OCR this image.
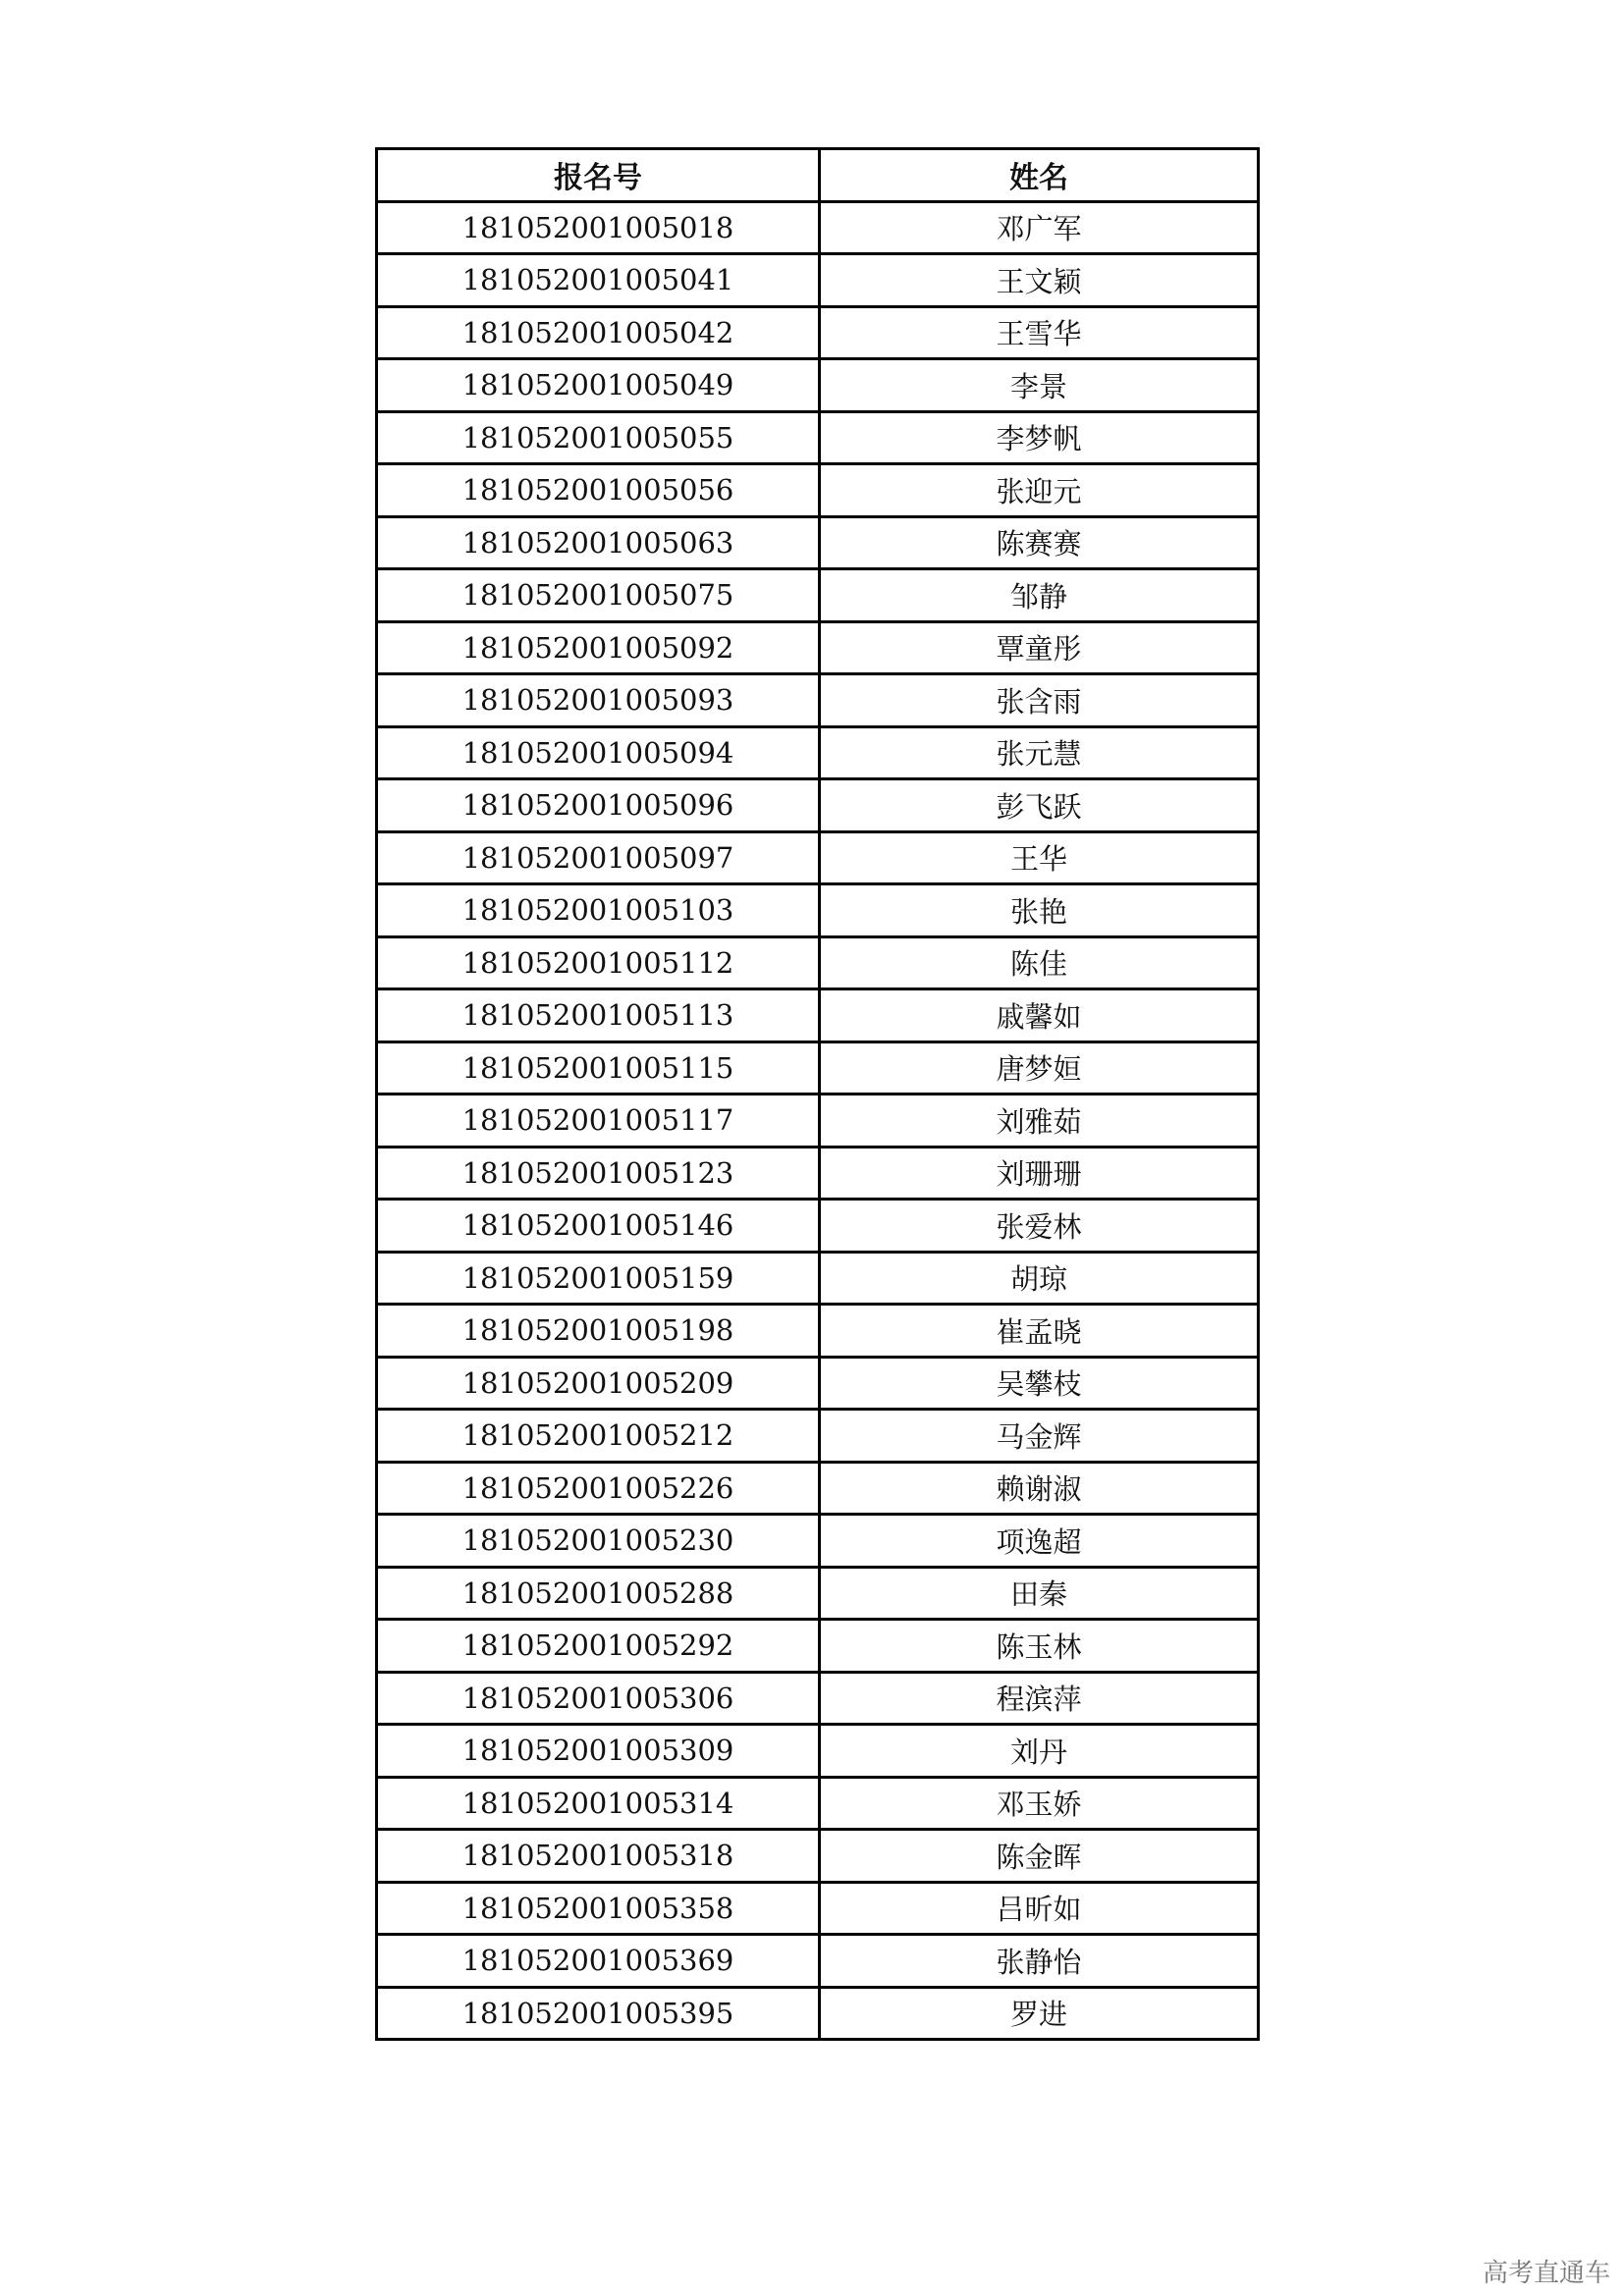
报名号	姓名
181052001005018	邓广军
181052001005041	王文颖
181052001005042	王雪华
181052001005049	李景
181052001005055	李梦帆
181052001005056	张迎元
181052001005063	陈赛赛
181052001005075	邹静
181052001005092	覃童彤
181052001005093	张含雨
181052001005094	张元慧
181052001005096	彭飞跃
181052001005097	王华
181052001005103	张艳
181052001005112	陈佳
181052001005113	戚馨如
181052001005115	唐梦姮
181052001005117	刘雅茹
181052001005123	刘珊珊
181052001005146	张爱林
181052001005159	胡琼
181052001005198	崔孟晓
181052001005209	吴攀枝
181052001005212	马金辉
181052001005226	赖谢淑
181052001005230	项逸超
181052001005288	田秦
181052001005292	陈玉林
181052001005306	程滨萍
181052001005309	刘丹
181052001005314	邓玉娇
181052001005318	陈金晖
181052001005358	吕昕如
181052001005369	张静怡
181052001005395	罗进
高考直通车
